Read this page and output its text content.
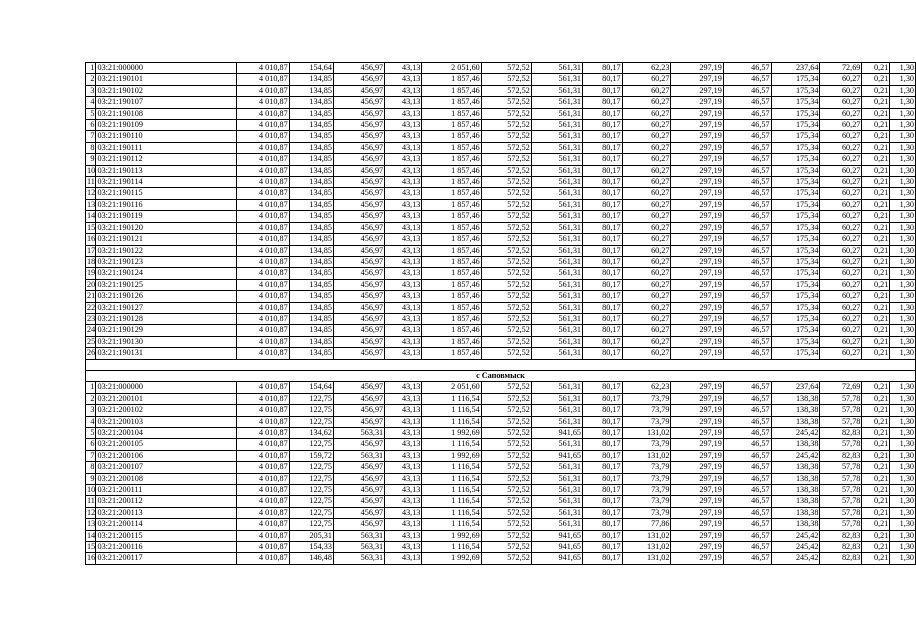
1	03:21:000000	4 010,87	154,64	456,97	43,13	2 051,60	572,52	561,31	80,17	62,23	297,19	46,57	237,64	72,69	0,21	1,30
2	03:21:190101	4 010,87	134,85	456,97	43,13	1 857,46	572,52	561,31	80,17	60,27	297,19	46,57	175,34	60,27	0,21	1,30
3	03:21:190102	4 010,87	134,85	456,97	43,13	1 857,46	572,52	561,31	80,17	60,27	297,19	46,57	175,34	60,27	0,21	1,30
4	03:21:190107	4 010,87	134,85	456,97	43,13	1 857,46	572,52	561,31	80,17	60,27	297,19	46,57	175,34	60,27	0,21	1,30
5	03:21:190108	4 010,87	134,85	456,97	43,13	1 857,46	572,52	561,31	80,17	60,27	297,19	46,57	175,34	60,27	0,21	1,30
6	03:21:190109	4 010,87	134,85	456,97	43,13	1 857,46	572,52	561,31	80,17	60,27	297,19	46,57	175,34	60,27	0,21	1,30
7	03:21:190110	4 010,87	134,85	456,97	43,13	1 857,46	572,52	561,31	80,17	60,27	297,19	46,57	175,34	60,27	0,21	1,30
8	03:21:190111	4 010,87	134,85	456,97	43,13	1 857,46	572,52	561,31	80,17	60,27	297,19	46,57	175,34	60,27	0,21	1,30
9	03:21:190112	4 010,87	134,85	456,97	43,13	1 857,46	572,52	561,31	80,17	60,27	297,19	46,57	175,34	60,27	0,21	1,30
10	03:21:190113	4 010,87	134,85	456,97	43,13	1 857,46	572,52	561,31	80,17	60,27	297,19	46,57	175,34	60,27	0,21	1,30
11	03:21:190114	4 010,87	134,85	456,97	43,13	1 857,46	572,52	561,31	80,17	60,27	297,19	46,57	175,34	60,27	0,21	1,30
12	03:21:190115	4 010,87	134,85	456,97	43,13	1 857,46	572,52	561,31	80,17	60,27	297,19	46,57	175,34	60,27	0,21	1,30
13	03:21:190116	4 010,87	134,85	456,97	43,13	1 857,46	572,52	561,31	80,17	60,27	297,19	46,57	175,34	60,27	0,21	1,30
14	03:21:190119	4 010,87	134,85	456,97	43,13	1 857,46	572,52	561,31	80,17	60,27	297,19	46,57	175,34	60,27	0,21	1,30
15	03:21:190120	4 010,87	134,85	456,97	43,13	1 857,46	572,52	561,31	80,17	60,27	297,19	46,57	175,34	60,27	0,21	1,30
16	03:21:190121	4 010,87	134,85	456,97	43,13	1 857,46	572,52	561,31	80,17	60,27	297,19	46,57	175,34	60,27	0,21	1,30
17	03:21:190122	4 010,87	134,85	456,97	43,13	1 857,46	572,52	561,31	80,17	60,27	297,19	46,57	175,34	60,27	0,21	1,30
18	03:21:190123	4 010,87	134,85	456,97	43,13	1 857,46	572,52	561,31	80,17	60,27	297,19	46,57	175,34	60,27	0,21	1,30
19	03:21:190124	4 010,87	134,85	456,97	43,13	1 857,46	572,52	561,31	80,17	60,27	297,19	46,57	175,34	60,27	0,21	1,30
20	03:21:190125	4 010,87	134,85	456,97	43,13	1 857,46	572,52	561,31	80,17	60,27	297,19	46,57	175,34	60,27	0,21	1,30
21	03:21:190126	4 010,87	134,85	456,97	43,13	1 857,46	572,52	561,31	80,17	60,27	297,19	46,57	175,34	60,27	0,21	1,30
22	03:21:190127	4 010,87	134,85	456,97	43,13	1 857,46	572,52	561,31	80,17	60,27	297,19	46,57	175,34	60,27	0,21	1,30
23	03:21:190128	4 010,87	134,85	456,97	43,13	1 857,46	572,52	561,31	80,17	60,27	297,19	46,57	175,34	60,27	0,21	1,30
24	03:21:190129	4 010,87	134,85	456,97	43,13	1 857,46	572,52	561,31	80,17	60,27	297,19	46,57	175,34	60,27	0,21	1,30
25	03:21:190130	4 010,87	134,85	456,97	43,13	1 857,46	572,52	561,31	80,17	60,27	297,19	46,57	175,34	60,27	0,21	1,30
26	03:21:190131	4 010,87	134,85	456,97	43,13	1 857,46	572,52	561,31	80,17	60,27	297,19	46,57	175,34	60,27	0,21	1,30

с Саповмыск																
1	03:21:000000	4 010,87	154,64	456,97	43,13	2 051,60	572,52	561,31	80,17	62,23	297,19	46,57	237,64	72,69	0,21	1,30
2	03:21:200101	4 010,87	122,75	456,97	43,13	1 116,54	572,52	561,31	80,17	73,79	297,19	46,57	138,38	57,78	0,21	1,30
3	03:21:200102	4 010,87	122,75	456,97	43,13	1 116,54	572,52	561,31	80,17	73,79	297,19	46,57	138,38	57,78	0,21	1,30
4	03:21:200103	4 010,87	122,75	456,97	43,13	1 116,54	572,52	561,31	80,17	73,79	297,19	46,57	138,38	57,78	0,21	1,30
5	03:21:200104	4 010,87	134,62	563,31	43,13	1 992,69	572,52	941,65	80,17	131,02	297,19	46,57	245,42	82,83	0,21	1,30
6	03:21:200105	4 010,87	122,75	456,97	43,13	1 116,54	572,52	561,31	80,17	73,79	297,19	46,57	138,38	57,78	0,21	1,30
7	03:21:200106	4 010,87	159,72	563,31	43,13	1 992,69	572,52	941,65	80,17	131,02	297,19	46,57	245,42	82,83	0,21	1,30
8	03:21:200107	4 010,87	122,75	456,97	43,13	1 116,54	572,52	561,31	80,17	73,79	297,19	46,57	138,38	57,78	0,21	1,30
9	03:21:200108	4 010,87	122,75	456,97	43,13	1 116,54	572,52	561,31	80,17	73,79	297,19	46,57	138,38	57,78	0,21	1,30
10	03:21:200111	4 010,87	122,75	456,97	43,13	1 116,54	572,52	561,31	80,17	73,79	297,19	46,57	138,38	57,78	0,21	1,30
11	03:21:200112	4 010,87	122,75	456,97	43,13	1 116,54	572,52	561,31	80,17	73,79	297,19	46,57	138,38	57,78	0,21	1,30
12	03:21:200113	4 010,87	122,75	456,97	43,13	1 116,54	572,52	561,31	80,17	73,79	297,19	46,57	138,38	57,78	0,21	1,30
13	03:21:200114	4 010,87	122,75	456,97	43,13	1 116,54	572,52	561,31	80,17	77,86	297,19	46,57	138,38	57,78	0,21	1,30
14	03:21:200115	4 010,87	205,31	563,31	43,13	1 992,69	572,52	941,65	80,17	131,02	297,19	46,57	245,42	82,83	0,21	1,30
15	03:21:200116	4 010,87	154,33	563,31	43,13	1 116,54	572,52	941,65	80,17	131,02	297,19	46,57	245,42	82,83	0,21	1,30
16	03:21:200117	4 010,87	146,48	563,31	43,13	1 992,69	572,52	941,65	80,17	131,02	297,19	46,57	245,42	82,83	0,21	1,30
